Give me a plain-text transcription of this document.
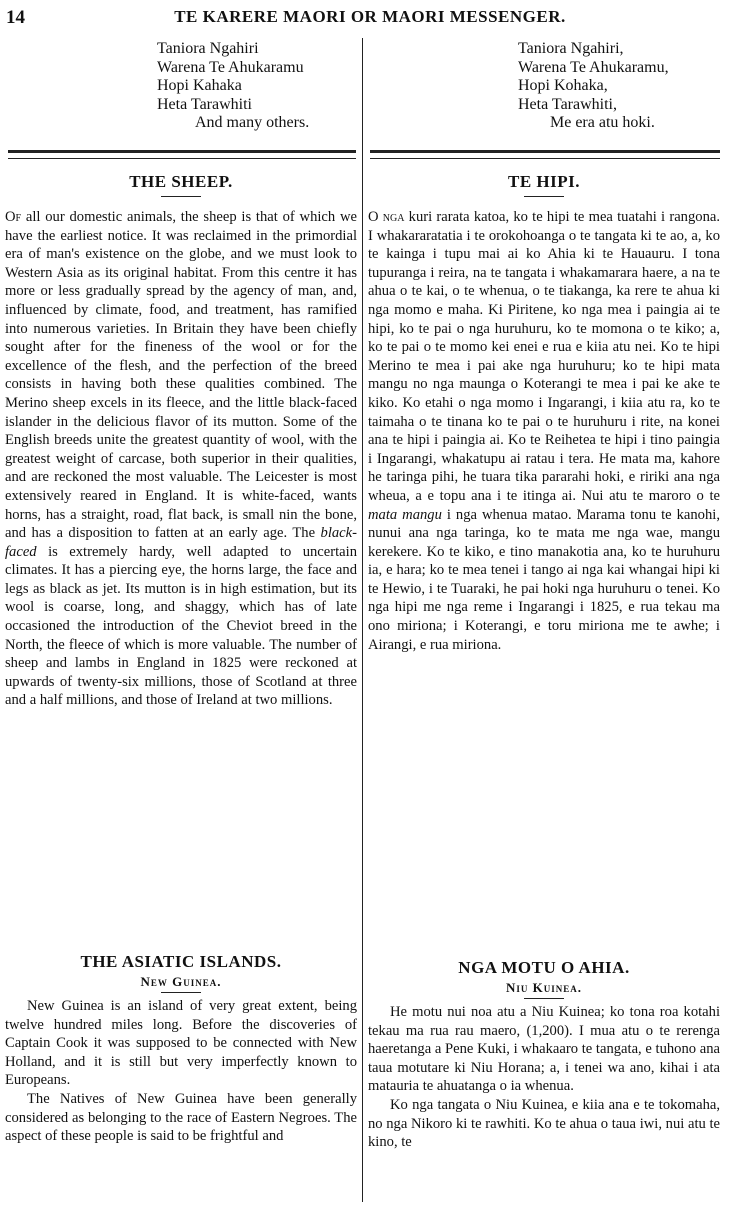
14	TE KARERE MAORI OR MAORI MESSENGER.
Taniora Ngahiri
Warena Te Ahukaramu
Hopi Kahaka
Heta Tarawhiti
And many others.
Taniora Ngahiri,
Warena Te Ahukaramu,
Hopi Kohaka,
Heta Tarawhiti,
Me era atu hoki.
THE SHEEP.

Of all our domestic animals, the sheep is that of which we have the earliest notice. It was reclaimed in the primordial era of man's existence on the globe, and we must look to Western Asia as its original habitat. From this centre it has more or less gradually spread by the agency of man, and, influenced by climate, food, and treatment, has ramified into numerous varieties. In Britain they have been chiefly sought after for the fineness of the wool or for the excellence of the flesh, and the perfection of the breed consists in having both these qualities combined. The Merino sheep excels in its fleece, and the little black-faced islander in the delicious flavor of its mutton. Some of the English breeds unite the greatest quantity of wool, with the greatest weight of carcase, both superior in their qualities, and are reckoned the most valuable. The Leicester is most extensively reared in England. It is white-faced, wants horns, has a straight, road, flat back, is small nin the bone, and has a disposition to fatten at an early age. The black-faced is extremely hardy, well adapted to uncertain climates. It has a piercing eye, the horns large, the face and legs as black as jet. Its mutton is in high estimation, but its wool is coarse, long, and shaggy, which has of late occasioned the introduction of the Cheviot breed in the North, the fleece of which is more valuable. The number of sheep and lambs in England in 1825 were reckoned at upwards of twenty-six millions, those of Scotland at three and a half millions, and those of Ireland at two millions.

TE HIPI.

O nga kuri rarata katoa, ko te hipi te mea tuatahi i rangona. I whakararatatia i te orokohoanga o te tangata ki te ao, a, ko te kainga i tupu mai ai ko Ahia ki te Hauauru. I tona tupuranga i reira, na te tangata i whakamarara haere, a na te ahua o te kai, o te whenua, o te tiakanga, ka rere te ahua ki nga momo e maha. Ki Piritene, ko nga mea i paingia ai te hipi, ko te pai o nga huruhuru, ko te momona o te kiko; a, ko te pai o te momo kei enei e rua e kiia atu nei. Ko te hipi Merino te mea i pai ake nga huruhuru; ko te hipi mata mangu no nga maunga o Koterangi te mea i pai ke ake te kiko. Ko etahi o nga momo i Ingarangi, i kiia atu ra, ko te taimaha o te tinana ko te pai o te huruhuru i rite, na konei ana te hipi i paingia ai. Ko te Reihetea te hipi i tino paingia i Ingarangi, whakatupu ai ratau i tera. He mata ma, kahore he taringa pihi, he tuara tika pararahi hoki, e ririki ana nga wheua, a e topu ana i te itinga ai. Nui atu te maroro o te mata mangu i nga whenua matao. Marama tonu te kanohi, nunui ana nga taringa, ko te mata me nga wae, mangu kerekere. Ko te kiko, e tino manakotia ana, ko te huruhuru ia, e hara; ko te mea tenei i tango ai nga kai whangai hipi ki te Hewio, i te Tuaraki, he pai hoki nga huruhuru o tenei. Ko nga hipi me nga reme i Ingarangi i 1825, e rua tekau ma ono miriona; i Koterangi, e toru miriona me te awhe; i Airangi, e rua miriona.

THE ASIATIC ISLANDS.
New Guinea.

New Guinea is an island of very great extent, being twelve hundred miles long. Before the discoveries of Captain Cook it was supposed to be connected with New Holland, and it is still but very imperfectly known to Europeans.

The Natives of New Guinea have been generally considered as belonging to the race of Eastern Negroes. The aspect of these people is said to be frightful and

NGA MOTU O AHIA.
Niu Kuinea.

He motu nui noa atu a Niu Kuinea; ko tona roa kotahi tekau ma rua rau maero, (1,200). I mua atu o te rerenga haeretanga a Pene Kuki, i whakaaro te tangata, e tuhono ana taua motutare ki Niu Horana; a, i tenei wa ano, kihai i ata matauria te ahuatanga o ia whenua.

Ko nga tangata o Niu Kuinea, e kiia ana e te tokomaha, no nga Nikoro ki te rawhiti. Ko te ahua o taua iwi, nui atu te kino, te
